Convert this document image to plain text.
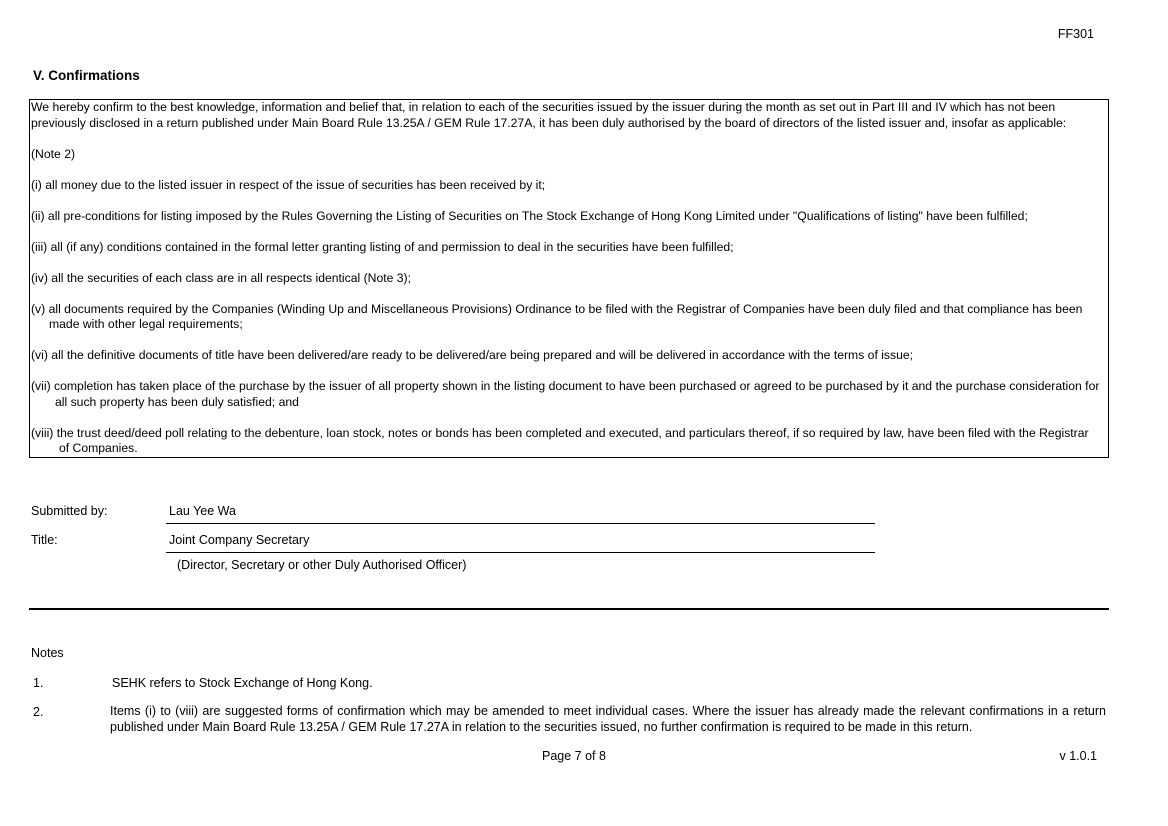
FF301
V. Confirmations

We hereby confirm to the best knowledge, information and belief that, in relation to each of the securities issued by the issuer during the month as set out in Part III and IV which has not been previously disclosed in a return published under Main Board Rule 13.25A / GEM Rule 17.27A, it has been duly authorised by the board of directors of the listed issuer and, insofar as applicable:

(Note 2)

(i) all money due to the listed issuer in respect of the issue of securities has been received by it;

(ii) all pre-conditions for listing imposed by the Rules Governing the Listing of Securities on The Stock Exchange of Hong Kong Limited under "Qualifications of listing" have been fulfilled;

(iii) all (if any) conditions contained in the formal letter granting listing of and permission to deal in the securities have been fulfilled;

(iv) all the securities of each class are in all respects identical (Note 3);

(v) all documents required by the Companies (Winding Up and Miscellaneous Provisions) Ordinance to be filed with the Registrar of Companies have been duly filed and that compliance has been made with other legal requirements;

(vi) all the definitive documents of title have been delivered/are ready to be delivered/are being prepared and will be delivered in accordance with the terms of issue;

(vii) completion has taken place of the purchase by the issuer of all property shown in the listing document to have been purchased or agreed to be purchased by it and the purchase consideration for all such property has been duly satisfied; and

(viii) the trust deed/deed poll relating to the debenture, loan stock, notes or bonds has been completed and executed, and particulars thereof, if so required by law, have been filed with the Registrar of Companies.

Submitted by:	Lau Yee Wa
Title:	Joint Company Secretary
(Director, Secretary or other Duly Authorised Officer)
Notes
1.	SEHK refers to Stock Exchange of Hong Kong.
2.	Items (i) to (viii) are suggested forms of confirmation which may be amended to meet individual cases. Where the issuer has already made the relevant confirmations in a return published under Main Board Rule 13.25A / GEM Rule 17.27A in relation to the securities issued, no further confirmation is required to be made in this return.
Page 7 of 8	v 1.0.1
